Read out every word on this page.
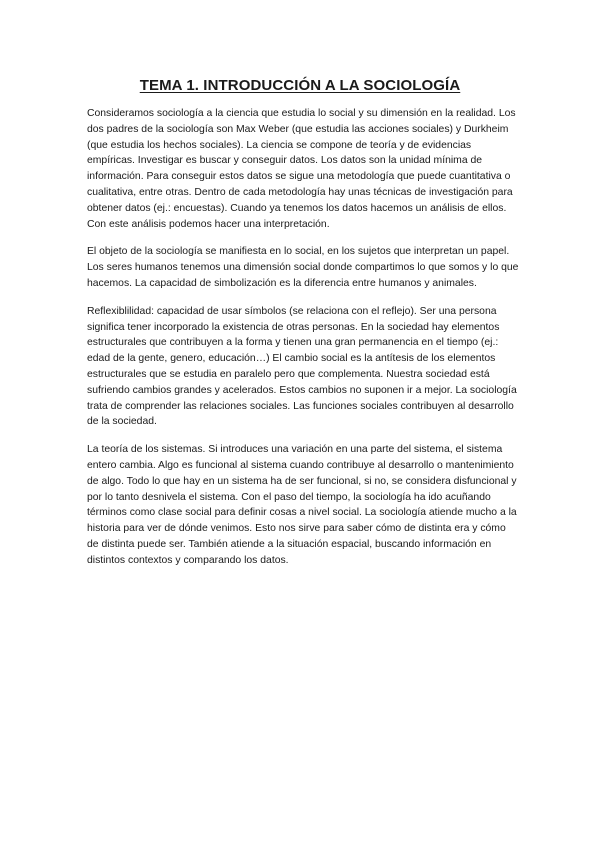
TEMA 1. INTRODUCCIÓN A LA SOCIOLOGÍA

Consideramos sociología a la ciencia que estudia lo social y su dimensión en la realidad. Los dos padres de la sociología son Max Weber (que estudia las acciones sociales) y Durkheim (que estudia los hechos sociales). La ciencia se compone de teoría y de evidencias empíricas. Investigar es buscar y conseguir datos. Los datos son la unidad mínima de información. Para conseguir estos datos se sigue una metodología que puede cuantitativa o cualitativa, entre otras. Dentro de cada metodología hay unas técnicas de investigación para obtener datos (ej.: encuestas). Cuando ya tenemos los datos hacemos un análisis de ellos. Con este análisis podemos hacer una interpretación.

El objeto de la sociología se manifiesta en lo social, en los sujetos que interpretan un papel. Los seres humanos tenemos una dimensión social donde compartimos lo que somos y lo que hacemos. La capacidad de simbolización es la diferencia entre humanos y animales.

Reflexiblilidad: capacidad de usar símbolos (se relaciona con el reflejo). Ser una persona significa tener incorporado la existencia de otras personas. En la sociedad hay elementos estructurales que contribuyen a la forma y tienen una gran permanencia en el tiempo (ej.: edad de la gente, genero, educación…) El cambio social es la antítesis de los elementos estructurales que se estudia en paralelo pero que complementa. Nuestra sociedad está sufriendo cambios grandes y acelerados. Estos cambios no suponen ir a mejor. La sociología trata de comprender las relaciones sociales. Las funciones sociales contribuyen al desarrollo de la sociedad.

La teoría de los sistemas. Si introduces una variación en una parte del sistema, el sistema entero cambia. Algo es funcional al sistema cuando contribuye al desarrollo o mantenimiento de algo. Todo lo que hay en un sistema ha de ser funcional, si no, se considera disfuncional y por lo tanto desnivela el sistema. Con el paso del tiempo, la sociología ha ido acuñando términos como clase social para definir cosas a nivel social. La sociología atiende mucho a la historia para ver de dónde venimos. Esto nos sirve para saber cómo de distinta era y cómo de distinta puede ser. También atiende a la situación espacial, buscando información en distintos contextos y comparando los datos.
